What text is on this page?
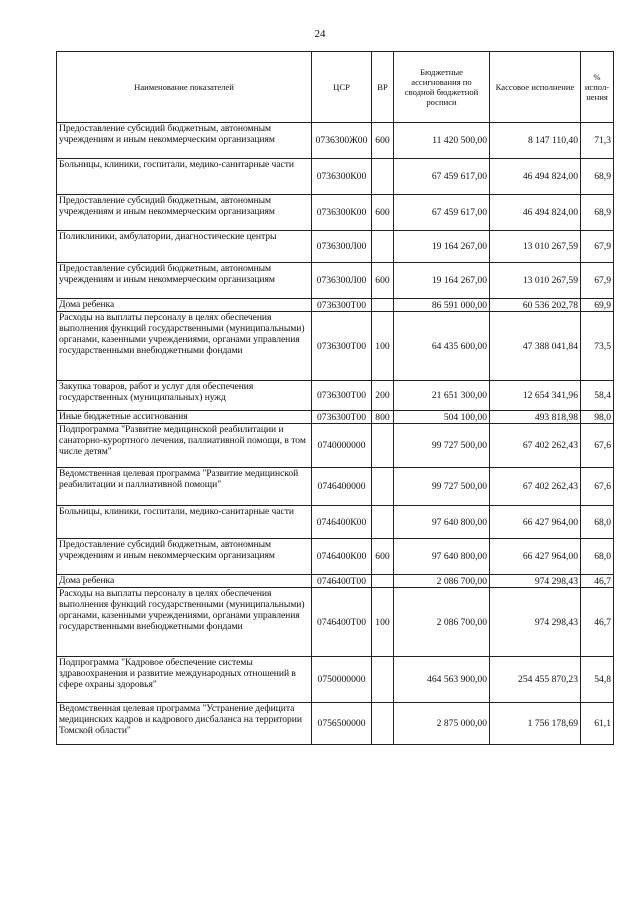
24
Наименование показателей	ЦСР	ВР	Бюджетные ассигнования по сводной бюджетной росписи	Кассовое исполнение	% испол-нения
Предоставление субсидий бюджетным, автономным учреждениям и иным некоммерческим организациям	0736300Ж00	600	11 420 500,00	8 147 110,40	71,3
Больницы, клиники, госпитали, медико-санитарные части	0736300К00		67 459 617,00	46 494 824,00	68,9
Предоставление субсидий бюджетным, автономным учреждениям и иным некоммерческим организациям	0736300К00	600	67 459 617,00	46 494 824,00	68,9
Поликлиники, амбулатории, диагностические центры	0736300Л00		19 164 267,00	13 010 267,59	67,9
Предоставление субсидий бюджетным, автономным учреждениям и иным некоммерческим организациям	0736300Л00	600	19 164 267,00	13 010 267,59	67,9
Дома ребенка	0736300Т00		86 591 000,00	60 536 202,78	69,9
Расходы на выплаты персоналу в целях обеспечения выполнения функций государственными (муниципальными) органами, казенными учреждениями, органами управления государственными внебюджетными фондами	0736300Т00	100	64 435 600,00	47 388 041,84	73,5
Закупка товаров, работ и услуг для обеспечения государственных (муниципальных) нужд	0736300Т00	200	21 651 300,00	12 654 341,96	58,4
Иные бюджетные ассигнования	0736300Т00	800	504 100,00	493 818,98	98,0
Подпрограмма "Развитие медицинской реабилитации и санаторно-курортного лечения, паллиативной помощи, в том числе детям"	0740000000		99 727 500,00	67 402 262,43	67,6
Ведомственная целевая программа "Развитие медицинской реабилитации и паллиативной помощи"	0746400000		99 727 500,00	67 402 262,43	67,6
Больницы, клиники, госпитали, медико-санитарные части	0746400К00		97 640 800,00	66 427 964,00	68,0
Предоставление субсидий бюджетным, автономным учреждениям и иным некоммерческим организациям	0746400К00	600	97 640 800,00	66 427 964,00	68,0
Дома ребенка	0746400Т00		2 086 700,00	974 298,43	46,7
Расходы на выплаты персоналу в целях обеспечения выполнения функций государственными (муниципальными) органами, казенными учреждениями, органами управления государственными внебюджетными фондами	0746400Т00	100	2 086 700,00	974 298,43	46,7
Подпрограмма "Кадровое обеспечение системы здравоохранения и развитие международных отношений в сфере охраны здоровья"	0750000000		464 563 900,00	254 455 870,23	54,8
Ведомственная целевая программа "Устранение дефицита медицинских кадров и кадрового дисбаланса на территории Томской области"	0756500000		2 875 000,00	1 756 178,69	61,1
